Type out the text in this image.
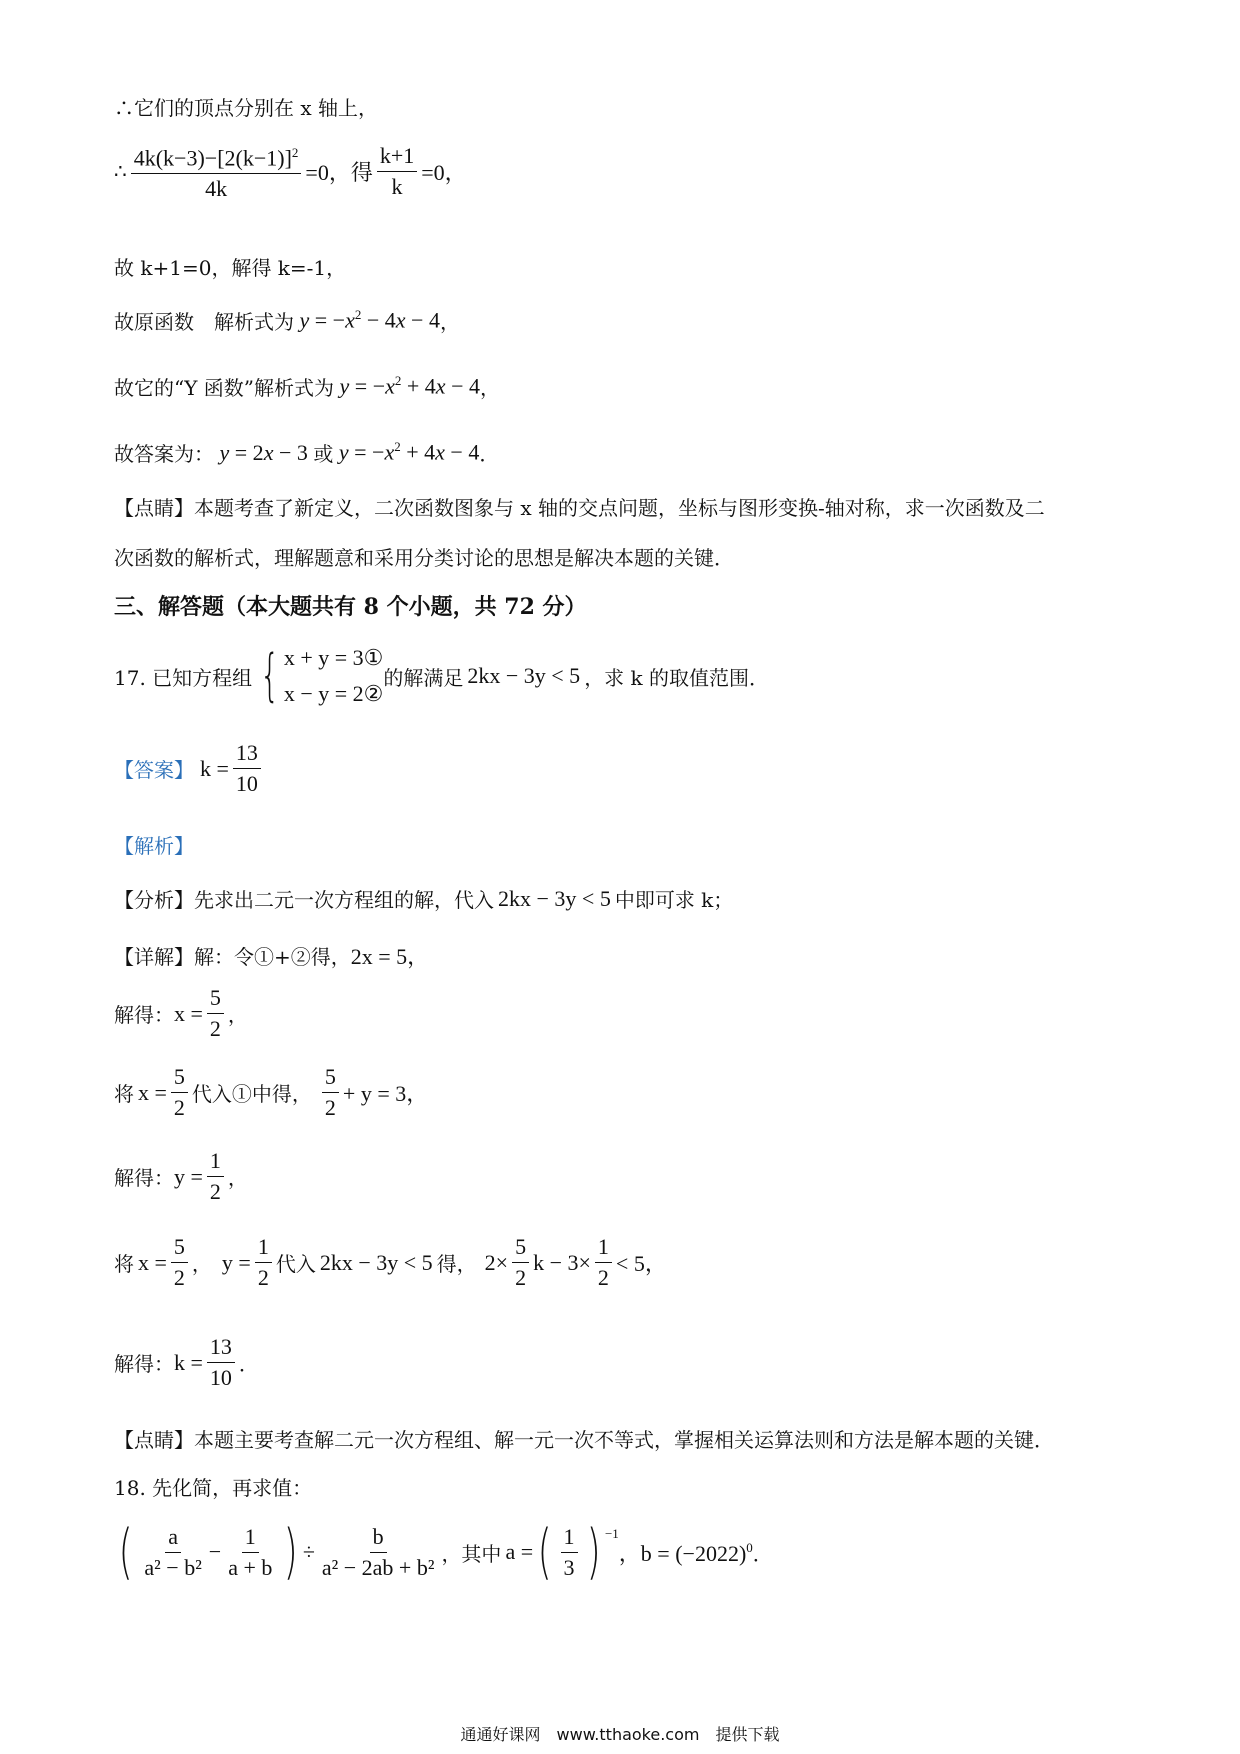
∴它们的顶点分别在 x 轴上，
∴ $\frac{4k(k-3)-[2(k-1)]^2}{4k} =0$，得 $\frac{k+1}{k} =0$，
故 k+1=0，解得 k=-1，
故原函数　解析式为 $y = -x^2 - 4x - 4$ ，
故它的“Y 函数”解析式为 $y = -x^2 + 4x - 4$ ，
故答案为： y = 2x − 3 或 $y = -x^2 + 4x - 4$ ．
【点睛】本题考查了新定义，二次函数图象与 x 轴的交点问题，坐标与图形变换-轴对称，求一次函数及二
次函数的解析式，理解题意和采用分类讨论的思想是解决本题的关键．
三、解答题（本大题共有 8 个小题，共 72 分）
17. 已知方程组 { x + y = 3①
x − y = 2②
的解满足 2kx − 3y < 5 ，求 k 的取值范围．
【答案】 $k = \frac{13}{10}$
【解析】
【分析】先求出二元一次方程组的解，代入 2kx − 3y < 5 中即可求 k；
【详解】解：令①+②得， 2x = 5，
解得： $x = \frac{5}{2}$ ，
将 $x = \frac{5}{2}$ 代入①中得， $\frac{5}{2} + y = 3$，
解得： $y = \frac{1}{2}$ ，
将 $x = \frac{5}{2}$ ， $y = \frac{1}{2}$ 代入 2kx − 3y < 5 得， $2\times \frac{5}{2}$ $k - 3\times \frac{1}{2} < 5$，
解得： $k = \frac{13}{10}$ ．
【点睛】本题主要考查解二元一次方程组、解一元一次不等式，掌握相关运算法则和方法是解本题的关键．
18. 先化简，再求值：
( $\frac{a}{\text{a² − b²}} - \frac{1}{a + b}$ ) ÷ $\frac{b}{\text{a² − 2ab + b²}}$ ，其中 a = ( $\frac{1}{3}$ ) $^{-1}$
，$b = (-2022)^0$ ．
通通好课网　www.tthaoke.com　提供下载
